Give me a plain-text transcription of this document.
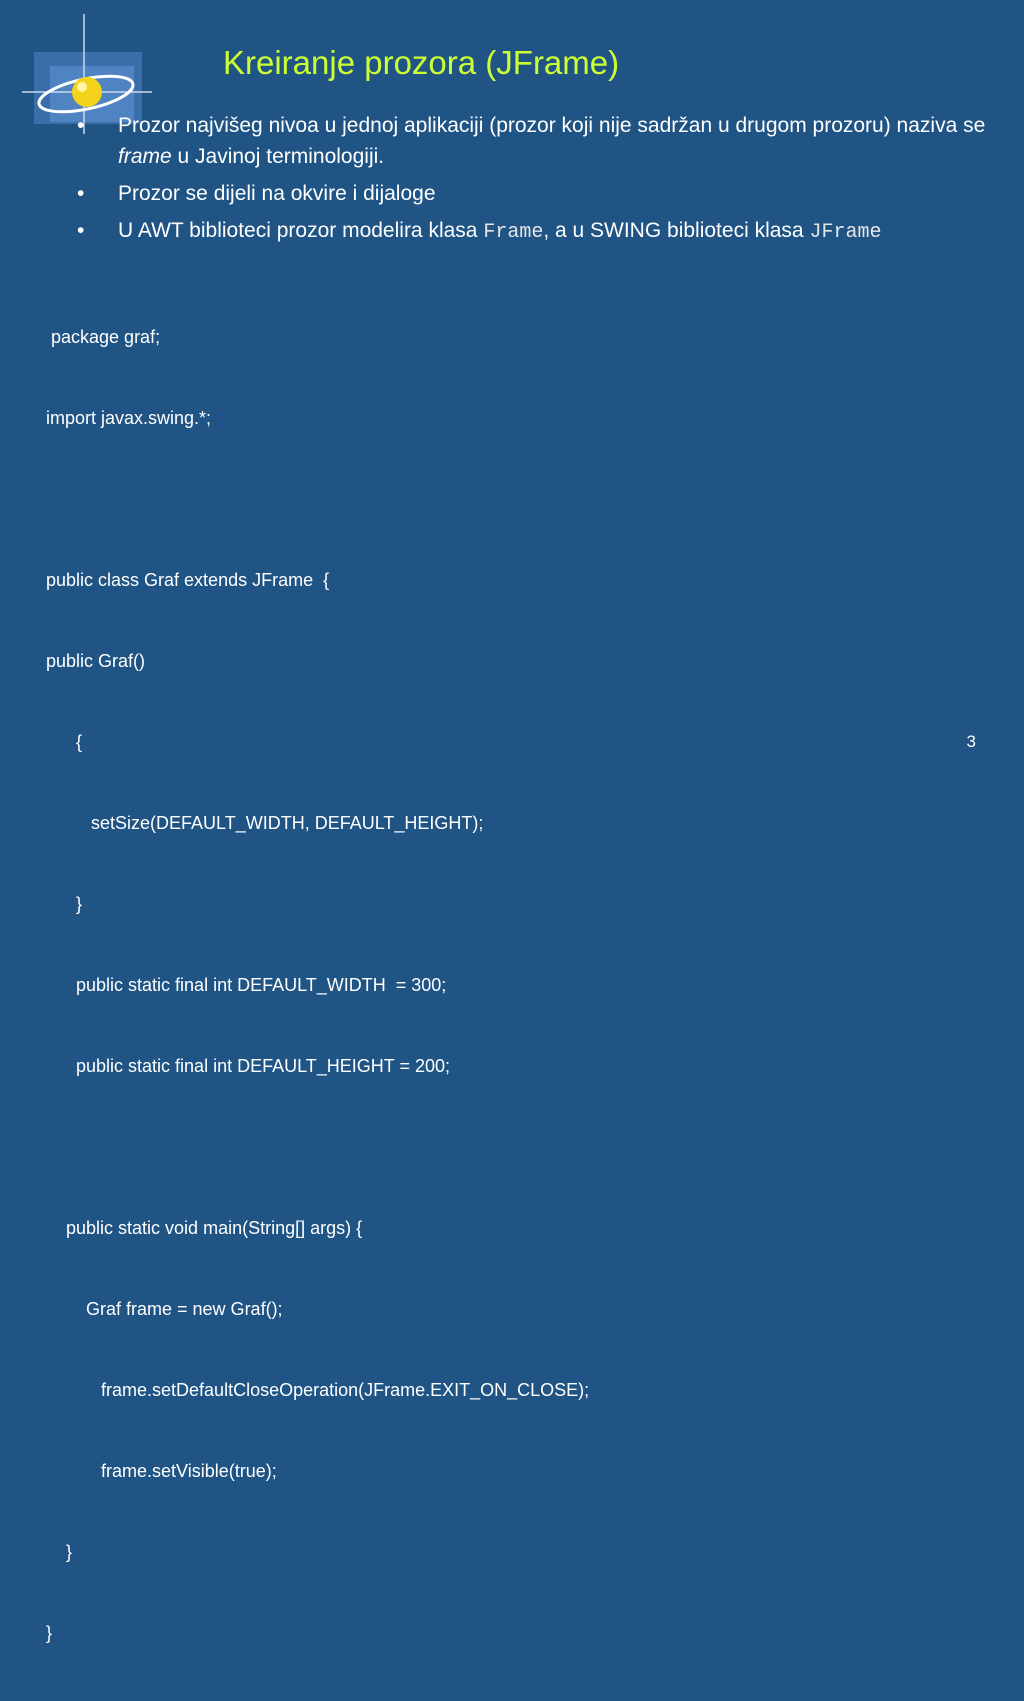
Kreiranje prozora (JFrame)
• Prozor najvišeg nivoa u jednoj aplikaciji (prozor koji nije sadržan u drugom prozoru) naziva se frame u Javinoj terminologiji.
• Prozor se dijeli na okvire i dijaloge
• U AWT biblioteci prozor modelira klasa Frame, a u SWING biblioteci klasa JFrame

package graf;

import javax.swing.*;

public class Graf extends JFrame  {

public Graf()

{

setSize(DEFAULT_WIDTH, DEFAULT_HEIGHT);

}

public static final int DEFAULT_WIDTH  = 300;

public static final int DEFAULT_HEIGHT = 200;

public static void main(String[] args) {

Graf frame = new Graf();

frame.setDefaultCloseOperation(JFrame.EXIT_ON_CLOSE);

frame.setVisible(true);

}

}

3
